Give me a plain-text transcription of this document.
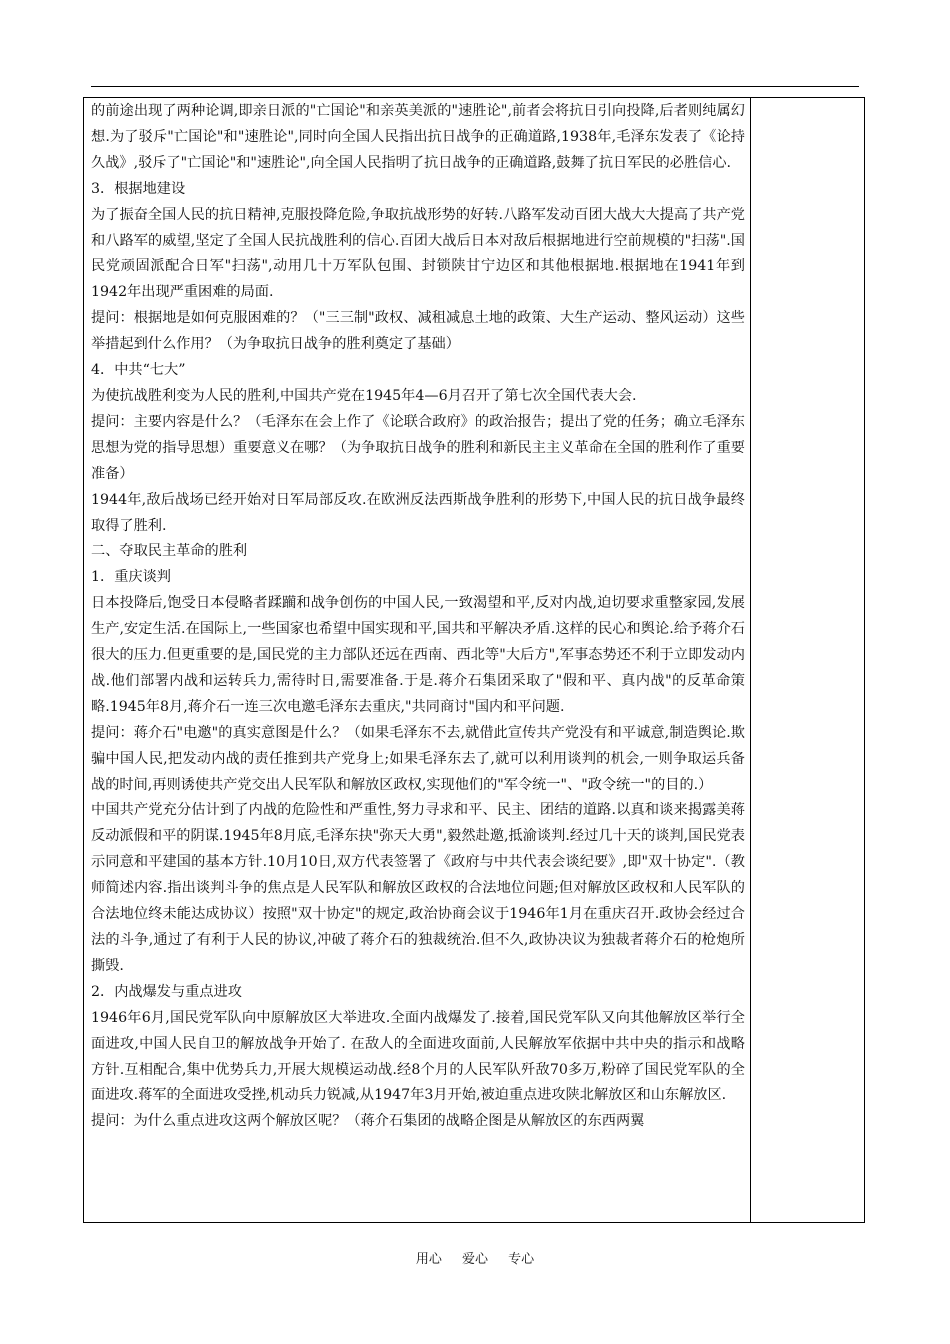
的前途出现了两种论调,即亲日派的"亡国论"和亲英美派的"速胜论",前者会将抗日引向投降,后者则纯属幻想.为了驳斥"亡国论"和"速胜论",同时向全国人民指出抗日战争的正确道路,1938年,毛泽东发表了《论持久战》,驳斥了"亡国论"和"速胜论",向全国人民指明了抗日战争的正确道路,鼓舞了抗日军民的必胜信心.

3．根据地建设

为了振奋全国人民的抗日精神,克服投降危险,争取抗战形势的好转.八路军发动百团大战大大提高了共产党和八路军的威望,坚定了全国人民抗战胜利的信心.百团大战后日本对敌后根据地进行空前规模的"扫荡".国民党顽固派配合日军"扫荡",动用几十万军队包围、封锁陕甘宁边区和其他根据地.根据地在1941年到1942年出现严重困难的局面.

提问：根据地是如何克服困难的？（"三三制"政权、减租减息土地的政策、大生产运动、整风运动）这些举措起到什么作用？（为争取抗日战争的胜利奠定了基础）

4．中共“七大”

为使抗战胜利变为人民的胜利,中国共产党在1945年4—6月召开了第七次全国代表大会.

提问：主要内容是什么？（毛泽东在会上作了《论联合政府》的政治报告；提出了党的任务；确立毛泽东思想为党的指导思想）重要意义在哪？（为争取抗日战争的胜利和新民主主义革命在全国的胜利作了重要准备）

1944年,敌后战场已经开始对日军局部反攻.在欧洲反法西斯战争胜利的形势下,中国人民的抗日战争最终取得了胜利.

二、夺取民主革命的胜利

1．重庆谈判

日本投降后,饱受日本侵略者蹂躏和战争创伤的中国人民,一致渴望和平,反对内战,迫切要求重整家园,发展生产,安定生活.在国际上,一些国家也希望中国实现和平,国共和平解决矛盾.这样的民心和舆论.给予蒋介石很大的压力.但更重要的是,国民党的主力部队还远在西南、西北等"大后方",军事态势还不利于立即发动内战.他们部署内战和运转兵力,需待时日,需要准备.于是.蒋介石集团采取了"假和平、真内战"的反革命策略.1945年8月,蒋介石一连三次电邀毛泽东去重庆,"共同商讨"国内和平问题.

提问：蒋介石"电邀"的真实意图是什么？（如果毛泽东不去,就借此宣传共产党没有和平诚意,制造舆论.欺骗中国人民,把发动内战的责任推到共产党身上;如果毛泽东去了,就可以利用谈判的机会,一则争取运兵备战的时间,再则诱使共产党交出人民军队和解放区政权,实现他们的"军令统一"、"政令统一"的目的.）

中国共产党充分估计到了内战的危险性和严重性,努力寻求和平、民主、团结的道路.以真和谈来揭露美蒋反动派假和平的阴谋.1945年8月底,毛泽东抉"弥天大勇",毅然赴邀,抵渝谈判.经过几十天的谈判,国民党表示同意和平建国的基本方针.10月10日,双方代表签署了《政府与中共代表会谈纪要》,即"双十协定".（教师简述内容.指出谈判斗争的焦点是人民军队和解放区政权的合法地位问题;但对解放区政权和人民军队的合法地位终未能达成协议）按照"双十协定"的规定,政治协商会议于1946年1月在重庆召开.政协会经过合法的斗争,通过了有利于人民的协议,冲破了蒋介石的独裁统治.但不久,政协决议为独裁者蒋介石的枪炮所撕毁.

2．内战爆发与重点进攻

1946年6月,国民党军队向中原解放区大举进攻.全面内战爆发了.接着,国民党军队又向其他解放区举行全面进攻,中国人民自卫的解放战争开始了. 在敌人的全面进攻面前,人民解放军依据中共中央的指示和战略方针.互相配合,集中优势兵力,开展大规模运动战.经8个月的人民军队歼敌70多万,粉碎了国民党军队的全面进攻.蒋军的全面进攻受挫,机动兵力锐减,从1947年3月开始,被迫重点进攻陕北解放区和山东解放区.

提问：为什么重点进攻这两个解放区呢？（蒋介石集团的战略企图是从解放区的东西两翼

用心 爱心 专心
